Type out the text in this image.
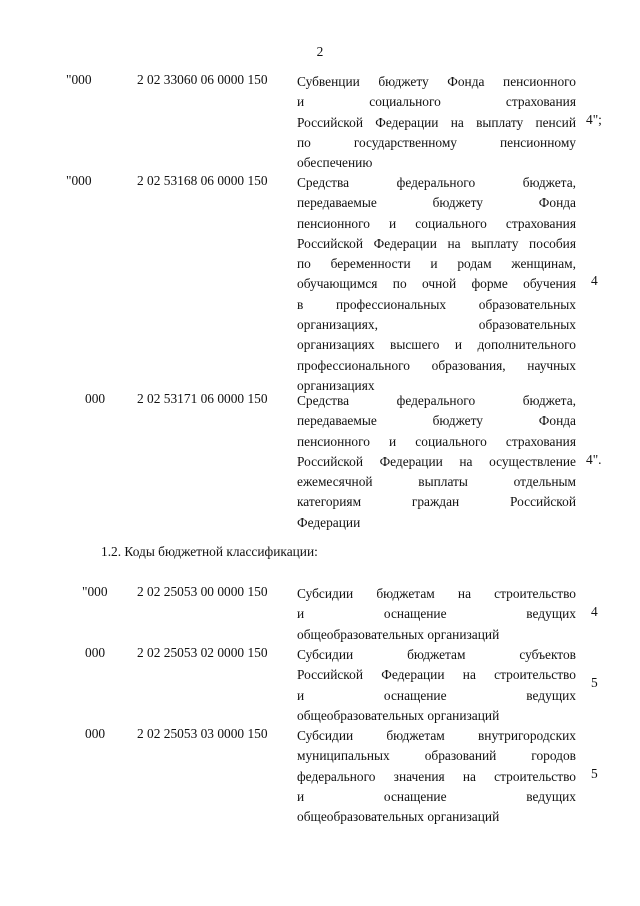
2
"000	2 02 33060 06 0000 150 Субвенции бюджету Фонда пенсионного
и социального страхования
Российской Федерации на выплату пенсий
по государственному пенсионному
обеспечению
4";
"000	2 02 53168 06 0000 150 Средства федерального бюджета,
передаваемые бюджету Фонда
пенсионного и социального страхования
Российской Федерации на выплату пособия
по беременности и родам женщинам,
обучающимся по очной форме обучения
в профессиональных образовательных
организациях, образовательных
организациях высшего и дополнительного
профессионального образования, научных
организациях
4
000 2 02 53171 06 0000 150 Средства федерального бюджета,
передаваемые бюджету Фонда
пенсионного и социального страхования
Российской Федерации на осуществление
ежемесячной выплаты отдельным
категориям граждан Российской
Федерации
4".
1.2. Коды бюджетной классификации:
"000 2 02 25053 00 0000 150 Субсидии бюджетам на строительство
и оснащение ведущих
общеобразовательных организаций
4
000 2 02 25053 02 0000 150 Субсидии бюджетам субъектов
Российской Федерации на строительство
и оснащение ведущих
общеобразовательных организаций
5
000 2 02 25053 03 0000 150 Субсидии бюджетам внутригородских
муниципальных образований городов
федерального значения на строительство
и оснащение ведущих
общеобразовательных организаций
5
